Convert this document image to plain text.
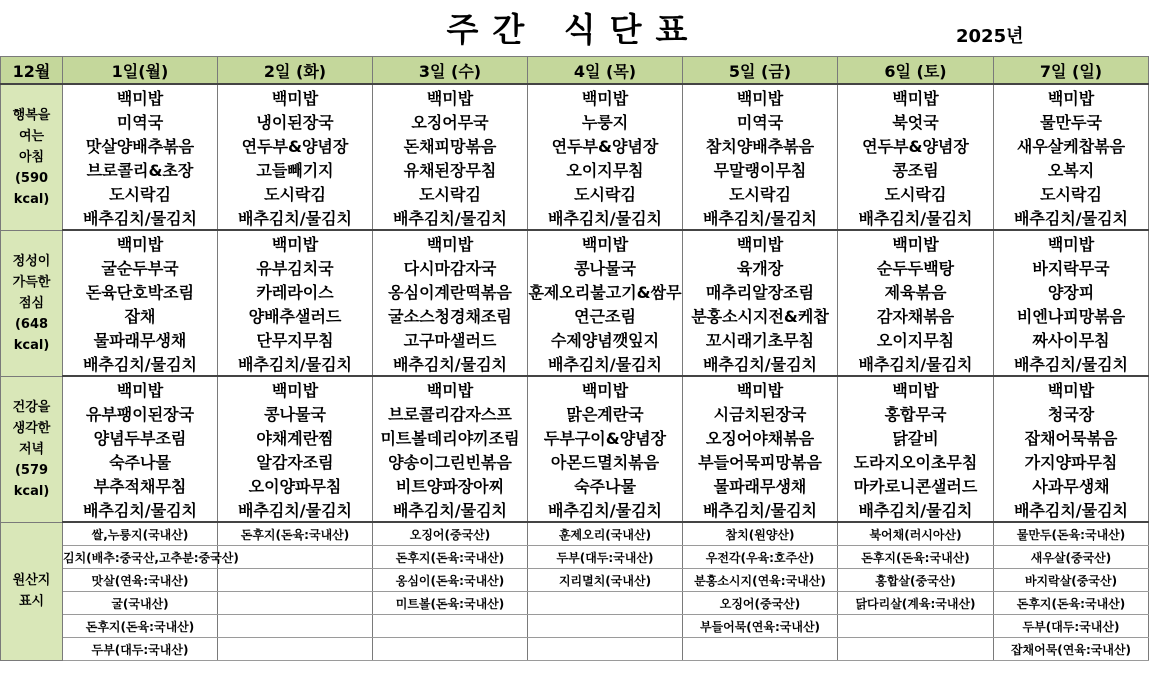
주간 식단표	2025년
12월	1일(월)	2일 (화)	3일 (수)	4일 (목)	5일 (금)	6일 (토)	7일 (일)

행복을
여는
아침
(590
kcal)	백미밥	백미밥	백미밥	백미밥	백미밥	백미밥	백미밥
	미역국	냉이된장국	오징어무국	누룽지	미역국	북엇국	물만두국
	맛살양배추볶음	연두부&양념장	돈채피망볶음	연두부&양념장	참치양배추볶음	연두부&양념장	새우살케찹볶음
	브로콜리&초장	고들빼기지	유채된장무침	오이지무침	무말랭이무침	콩조림	오복지
	도시락김	도시락김	도시락김	도시락김	도시락김	도시락김	도시락김
	배추김치/물김치	배추김치/물김치	배추김치/물김치	배추김치/물김치	배추김치/물김치	배추김치/물김치	배추김치/물김치

정성이
가득한
점심
(648
kcal)	백미밥	백미밥	백미밥	백미밥	백미밥	백미밥	백미밥
	굴순두부국	유부김치국	다시마감자국	콩나물국	육개장	순두두백탕	바지락무국
	돈육단호박조림	카레라이스	옹심이계란떡볶음	훈제오리불고기&쌈무	매추리알장조림	제육볶음	양장피
	잡채	양배추샐러드	굴소스청경채조림	연근조림	분홍소시지전&케찹	감자채볶음	비엔나피망볶음
	물파래무생채	단무지무침	고구마샐러드	수제양념깻잎지	꼬시래기초무침	오이지무침	짜사이무침
	배추김치/물김치	배추김치/물김치	배추김치/물김치	배추김치/물김치	배추김치/물김치	배추김치/물김치	배추김치/물김치

건강을
생각한
저녁
(579
kcal)	백미밥	백미밥	백미밥	백미밥	백미밥	백미밥	백미밥
	유부팽이된장국	콩나물국	브로콜리감자스프	맑은계란국	시금치된장국	홍합무국	청국장
	양념두부조림	야채계란찜	미트볼데리야끼조림	두부구이&양념장	오징어야채볶음	닭갈비	잡채어묵볶음
	숙주나물	알감자조림	양송이그린빈볶음	아몬드멸치볶음	부들어묵피망볶음	도라지오이초무침	가지양파무침
	부추적채무침	오이양파무침	비트양파장아찌	숙주나물	물파래무생채	마카로니콘샐러드	사과무생채
	배추김치/물김치	배추김치/물김치	배추김치/물김치	배추김치/물김치	배추김치/물김치	배추김치/물김치	배추김치/물김치

원산지
표시	쌀,누룽지(국내산)	돈후지(돈육:국내산)	오징어(중국산)	훈제오리(국내산)	참치(원양산)	북어채(러시아산)	물만두(돈육:국내산)
	김치(배추:중국산,고추분:중국산)		돈후지(돈육:국내산)	두부(대두:국내산)	우전각(우육:호주산)	돈후지(돈육:국내산)	새우살(중국산)
	맛살(연육:국내산)		옹심이(돈육:국내산)	지리멸치(국내산)	분홍소시지(연육:국내산)	홍합살(중국산)	바지락살(중국산)
	굴(국내산)		미트볼(돈육:국내산)		오징어(중국산)	닭다리살(계육:국내산)	돈후지(돈육:국내산)
	돈후지(돈육:국내산)				부들어묵(연육:국내산)		두부(대두:국내산)
	두부(대두:국내산)						잡채어묵(연육:국내산)
